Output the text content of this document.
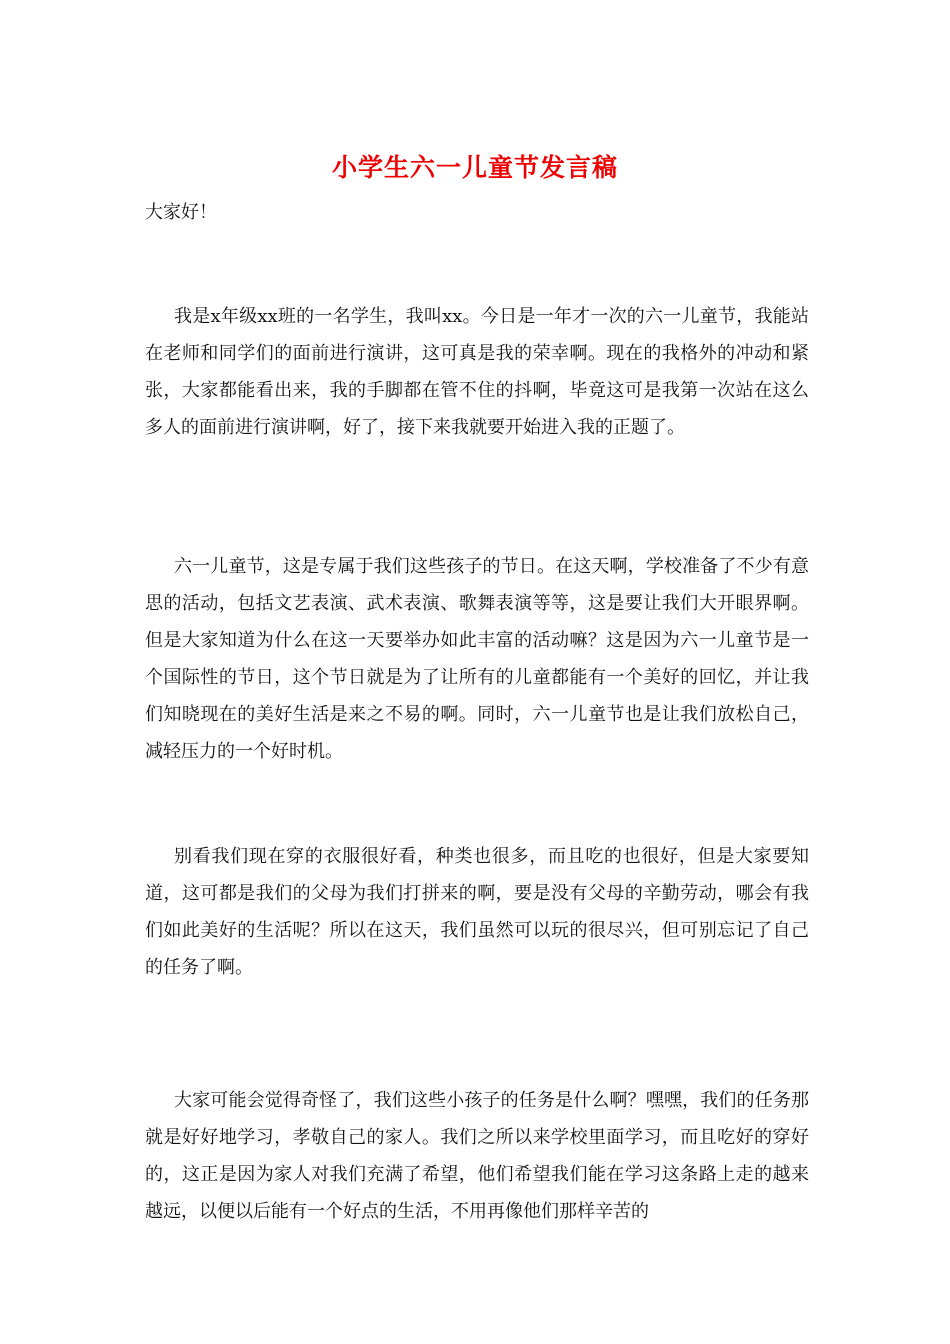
小学生六一儿童节发言稿

大家好！

我是x年级xx班的一名学生，我叫xx。今日是一年才一次的六一儿童节，我能站在老师和同学们的面前进行演讲，这可真是我的荣幸啊。现在的我格外的冲动和紧张，大家都能看出来，我的手脚都在管不住的抖啊，毕竟这可是我第一次站在这么多人的面前进行演讲啊，好了，接下来我就要开始进入我的正题了。

六一儿童节，这是专属于我们这些孩子的节日。在这天啊，学校准备了不少有意思的活动，包括文艺表演、武术表演、歌舞表演等等，这是要让我们大开眼界啊。但是大家知道为什么在这一天要举办如此丰富的活动嘛？这是因为六一儿童节是一个国际性的节日，这个节日就是为了让所有的儿童都能有一个美好的回忆，并让我们知晓现在的美好生活是来之不易的啊。同时，六一儿童节也是让我们放松自己，减轻压力的一个好时机。

别看我们现在穿的衣服很好看，种类也很多，而且吃的也很好，但是大家要知道，这可都是我们的父母为我们打拼来的啊，要是没有父母的辛勤劳动，哪会有我们如此美好的生活呢？所以在这天，我们虽然可以玩的很尽兴，但可别忘记了自己的任务了啊。

大家可能会觉得奇怪了，我们这些小孩子的任务是什么啊？嘿嘿，我们的任务那就是好好地学习，孝敬自己的家人。我们之所以来学校里面学习，而且吃好的穿好的，这正是因为家人对我们充满了希望，他们希望我们能在学习这条路上走的越来越远，以便以后能有一个好点的生活，不用再像他们那样辛苦的
